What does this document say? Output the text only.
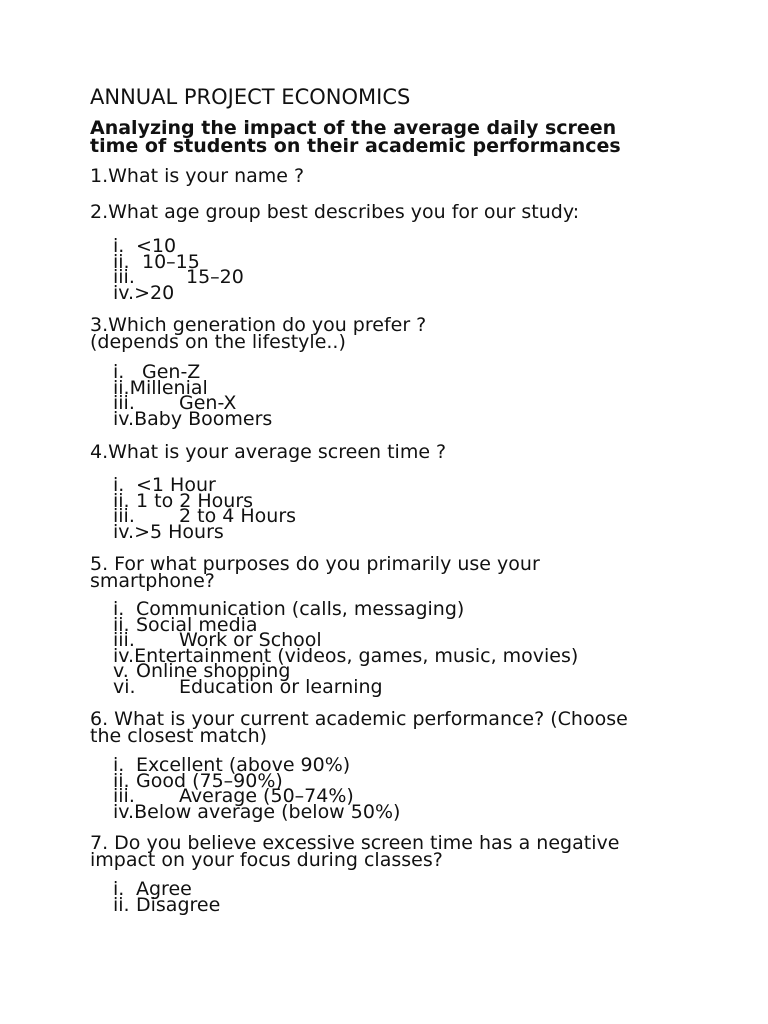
ANNUAL PROJECT ECONOMICS
Analyzing the impact of the average daily screen
time of students on their academic performances
1.What is your name ?
2.What age group best describes you for our study:
i. <10
ii. 10–15
iii.	15–20
iv. >20
3.Which generation do you prefer ?
(depends on the lifestyle..)
i. Gen-Z
ii. Millenial
iii.	Gen-X
iv. Baby Boomers
4.What is your average screen time ?
i. <1 Hour
ii. 1 to 2 Hours
iii.	2 to 4 Hours
iv. >5 Hours
5. For what purposes do you primarily use your
smartphone?
i. Communication (calls, messaging)
ii. Social media
iii.	Work or School
iv. Entertainment (videos, games, music, movies)
v. Online shopping
vi.	Education or learning
6. What is your current academic performance? (Choose
the closest match)
i. Excellent (above 90%)
ii. Good (75–90%)
iii.	Average (50–74%)
iv. Below average (below 50%)
7. Do you believe excessive screen time has a negative
impact on your focus during classes?
i. Agree
ii. Disagree
